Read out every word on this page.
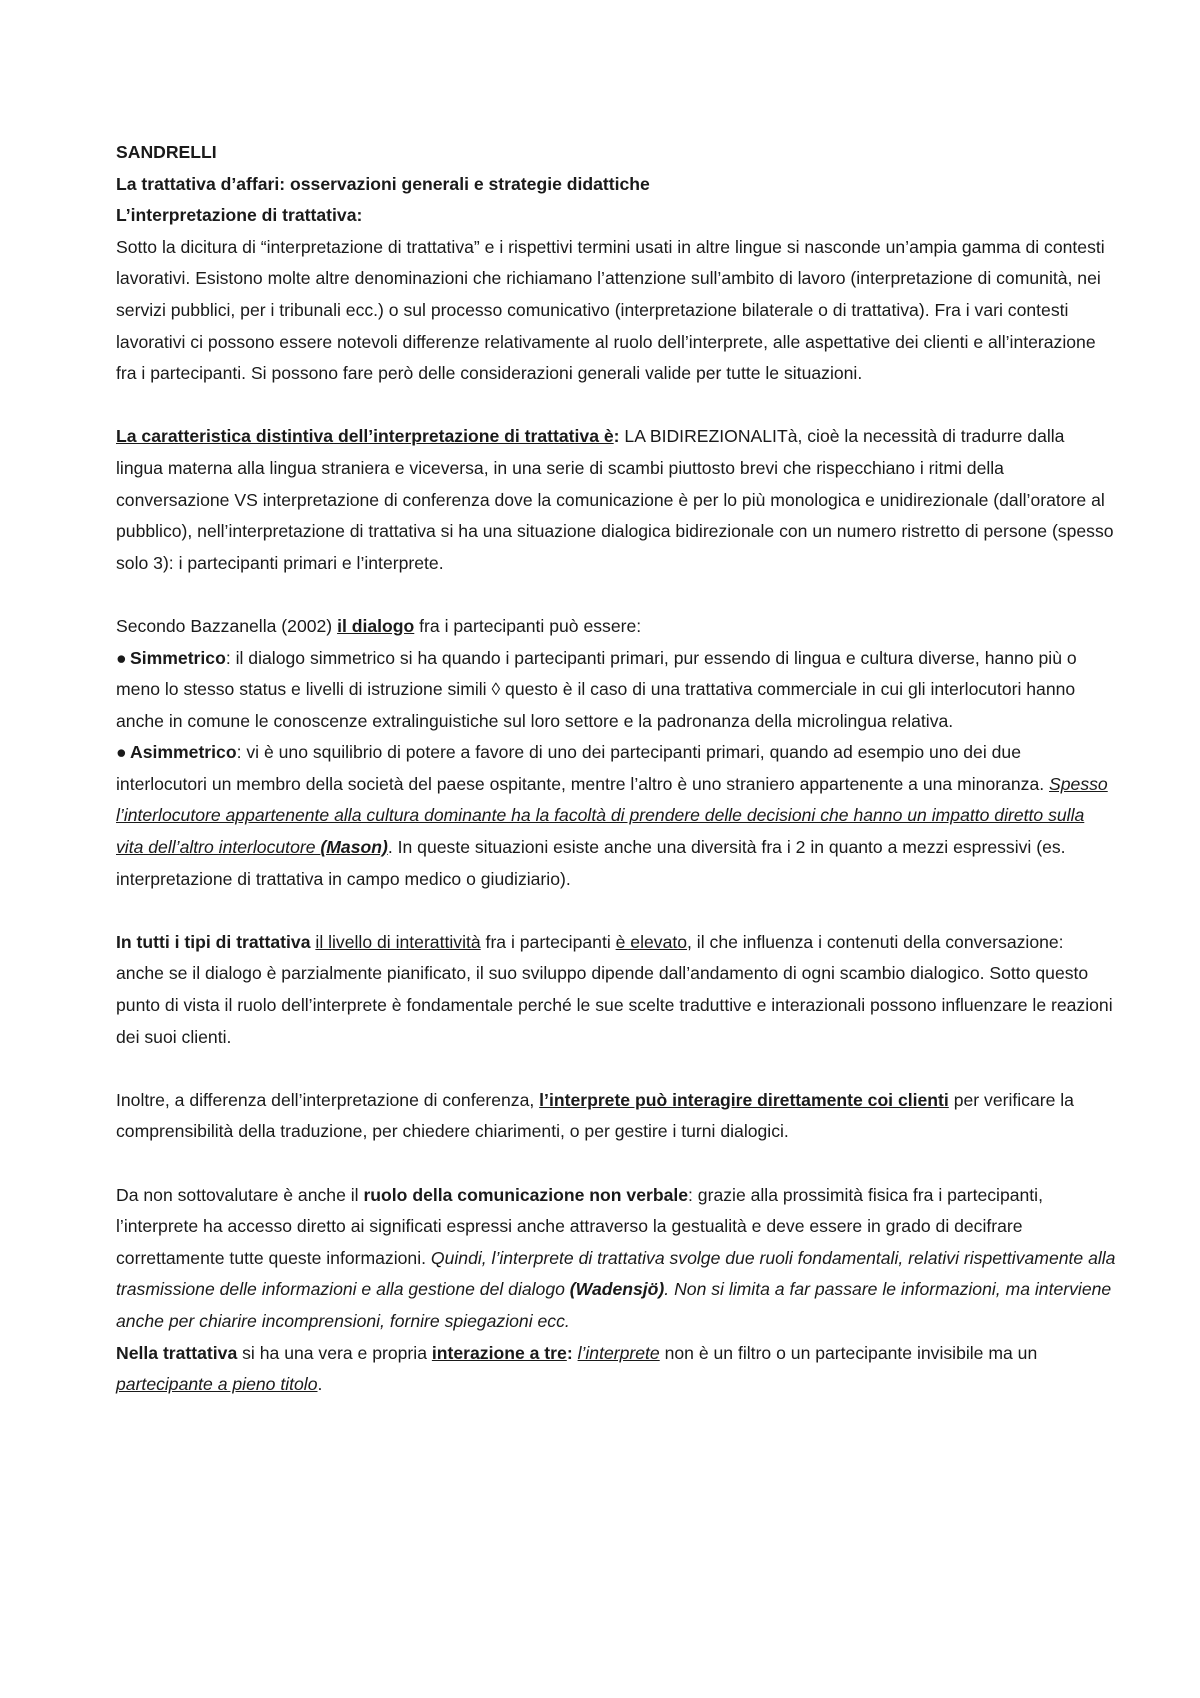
SANDRELLI

La trattativa d’affari: osservazioni generali e strategie didattiche

L’interpretazione di trattativa:

Sotto la dicitura di “interpretazione di trattativa” e i rispettivi termini usati in altre lingue si nasconde un’ampia gamma di contesti lavorativi. Esistono molte altre denominazioni che richiamano l’attenzione sull’ambito di lavoro (interpretazione di comunità, nei servizi pubblici, per i tribunali ecc.) o sul processo comunicativo (interpretazione bilaterale o di trattativa). Fra i vari contesti lavorativi ci possono essere notevoli differenze relativamente al ruolo dell’interprete, alle aspettative dei clienti e all’interazione fra i partecipanti. Si possono fare però delle considerazioni generali valide per tutte le situazioni.

La caratteristica distintiva dell’interpretazione di trattativa è: LA BIDIREZIONALITà, cioè la necessità di tradurre dalla lingua materna alla lingua straniera e viceversa, in una serie di scambi piuttosto brevi che rispecchiano i ritmi della conversazione VS interpretazione di conferenza dove la comunicazione è per lo più monologica e unidirezionale (dall’oratore al pubblico), nell’interpretazione di trattativa si ha una situazione dialogica bidirezionale con un numero ristretto di persone (spesso solo 3): i partecipanti primari e l’interprete.

Secondo Bazzanella (2002) il dialogo fra i partecipanti può essere:

● Simmetrico: il dialogo simmetrico si ha quando i partecipanti primari, pur essendo di lingua e cultura diverse, hanno più o meno lo stesso status e livelli di istruzione simili ◊ questo è il caso di una trattativa commerciale in cui gli interlocutori hanno anche in comune le conoscenze extralinguistiche sul loro settore e la padronanza della microlingua relativa.

● Asimmetrico: vi è uno squilibrio di potere a favore di uno dei partecipanti primari, quando ad esempio uno dei due interlocutori un membro della società del paese ospitante, mentre l’altro è uno straniero appartenente a una minoranza. Spesso l’interlocutore appartenente alla cultura dominante ha la facoltà di prendere delle decisioni che hanno un impatto diretto sulla vita dell’altro interlocutore (Mason). In queste situazioni esiste anche una diversità fra i 2 in quanto a mezzi espressivi (es. interpretazione di trattativa in campo medico o giudiziario).

In tutti i tipi di trattativa il livello di interattività fra i partecipanti è elevato, il che influenza i contenuti della conversazione: anche se il dialogo è parzialmente pianificato, il suo sviluppo dipende dall’andamento di ogni scambio dialogico. Sotto questo punto di vista il ruolo dell’interprete è fondamentale perché le sue scelte traduttive e interazionali possono influenzare le reazioni dei suoi clienti.

Inoltre, a differenza dell’interpretazione di conferenza, l’interprete può interagire direttamente coi clienti per verificare la comprensibilità della traduzione, per chiedere chiarimenti, o per gestire i turni dialogici.

Da non sottovalutare è anche il ruolo della comunicazione non verbale: grazie alla prossimità fisica fra i partecipanti, l’interprete ha accesso diretto ai significati espressi anche attraverso la gestualità e deve essere in grado di decifrare correttamente tutte queste informazioni. Quindi, l’interprete di trattativa svolge due ruoli fondamentali, relativi rispettivamente alla trasmissione delle informazioni e alla gestione del dialogo (Wadensjö). Non si limita a far passare le informazioni, ma interviene anche per chiarire incomprensioni, fornire spiegazioni ecc.

Nella trattativa si ha una vera e propria interazione a tre: l’interprete non è un filtro o un partecipante invisibile ma un partecipante a pieno titolo.
